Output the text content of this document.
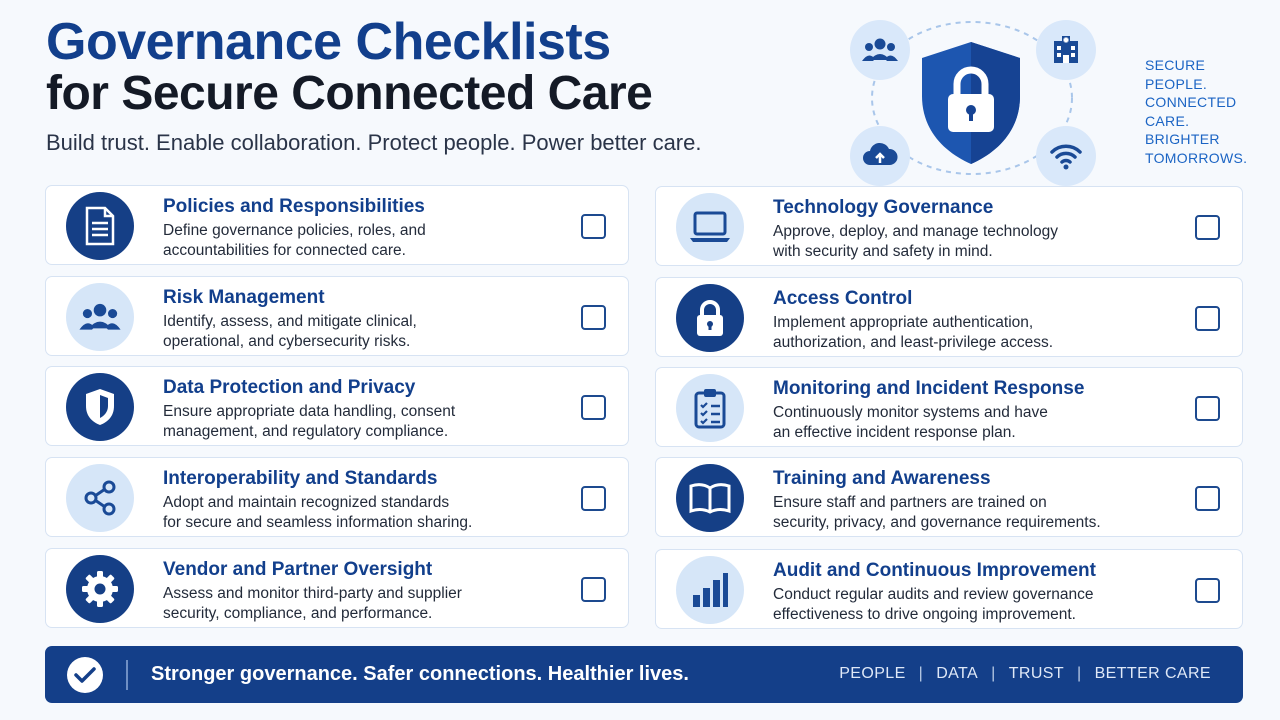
Governance Checklists
for Secure Connected Care
Build trust. Enable collaboration. Protect people. Power better care.
SECURE
PEOPLE.
CONNECTED
CARE.
BRIGHTER
TOMORROWS.
Policies and Responsibilities
Define governance policies, roles, and
accountabilities for connected care.
Risk Management
Identify, assess, and mitigate clinical,
operational, and cybersecurity risks.
Data Protection and Privacy
Ensure appropriate data handling, consent
management, and regulatory compliance.
Interoperability and Standards
Adopt and maintain recognized standards
for secure and seamless information sharing.
Vendor and Partner Oversight
Assess and monitor third-party and supplier
security, compliance, and performance.
Technology Governance
Approve, deploy, and manage technology
with security and safety in mind.
Access Control
Implement appropriate authentication,
authorization, and least-privilege access.
Monitoring and Incident Response
Continuously monitor systems and have
an effective incident response plan.
Training and Awareness
Ensure staff and partners are trained on
security, privacy, and governance requirements.
Audit and Continuous Improvement
Conduct regular audits and review governance
effectiveness to drive ongoing improvement.
Stronger governance. Safer connections. Healthier lives.	PEOPLE | DATA | TRUST | BETTER CARE
